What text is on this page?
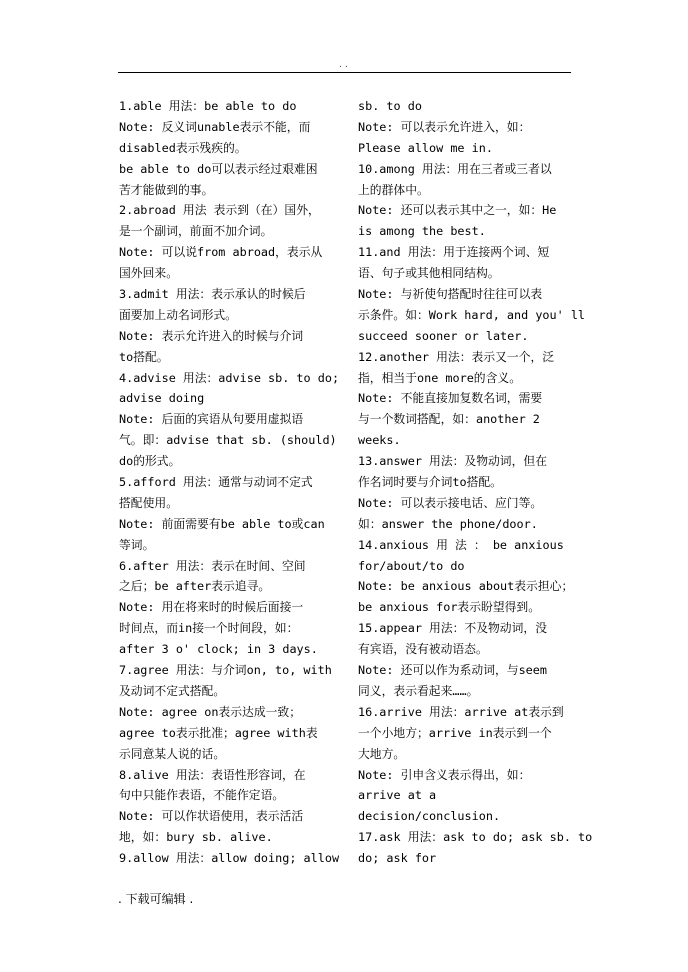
..
1.able 用法：be able to do
Note: 反义词unable表示不能，而
disabled表示残疾的。
be able to do可以表示经过艰难困
苦才能做到的事。
2.abroad 用法 表示到（在）国外，
是一个副词，前面不加介词。
Note: 可以说from abroad，表示从
国外回来。
3.admit 用法：表示承认的时候后
面要加上动名词形式。
Note: 表示允许进入的时候与介词
to搭配。
4.advise 用法：advise sb. to do;
advise doing
Note: 后面的宾语从句要用虚拟语
气。即：advise that sb. (should)
do的形式。
5.afford 用法：通常与动词不定式
搭配使用。
Note: 前面需要有be able to或can
等词。
6.after 用法：表示在时间、空间
之后；be after表示追寻。
Note: 用在将来时的时候后面接一
时间点，而in接一个时间段，如：
after 3 o' clock; in 3 days.
7.agree 用法：与介词on, to, with
及动词不定式搭配。
Note: agree on表示达成一致；
agree to表示批准；agree with表
示同意某人说的话。
8.alive 用法：表语性形容词，在
句中只能作表语，不能作定语。
Note: 可以作状语使用，表示活活
地，如：bury sb. alive.
9.allow 用法：allow doing; allow
sb. to do
Note: 可以表示允许进入，如：
Please allow me in.
10.among 用法：用在三者或三者以
上的群体中。
Note: 还可以表示其中之一，如：He
is among the best.
11.and 用法：用于连接两个词、短
语、句子或其他相同结构。
Note: 与祈使句搭配时往往可以表
示条件。如：Work hard, and you' ll
succeed sooner or later.
12.another 用法：表示又一个，泛
指，相当于one more的含义。
Note: 不能直接加复数名词，需要
与一个数词搭配，如：another 2
weeks.
13.answer 用法：及物动词，但在
作名词时要与介词to搭配。
Note: 可以表示接电话、应门等。
如：answer the phone/door.
14.anxious 用 法 ： be anxious
for/about/to do
Note: be anxious about表示担心；
be anxious for表示盼望得到。
15.appear 用法：不及物动词，没
有宾语，没有被动语态。
Note: 还可以作为系动词，与seem
同义，表示看起来……。
16.arrive 用法：arrive at表示到
一个小地方；arrive in表示到一个
大地方。
Note: 引申含义表示得出，如：
arrive at a
decision/conclusion.
17.ask 用法：ask to do; ask sb. to
do; ask for
. 下载可编辑 .
